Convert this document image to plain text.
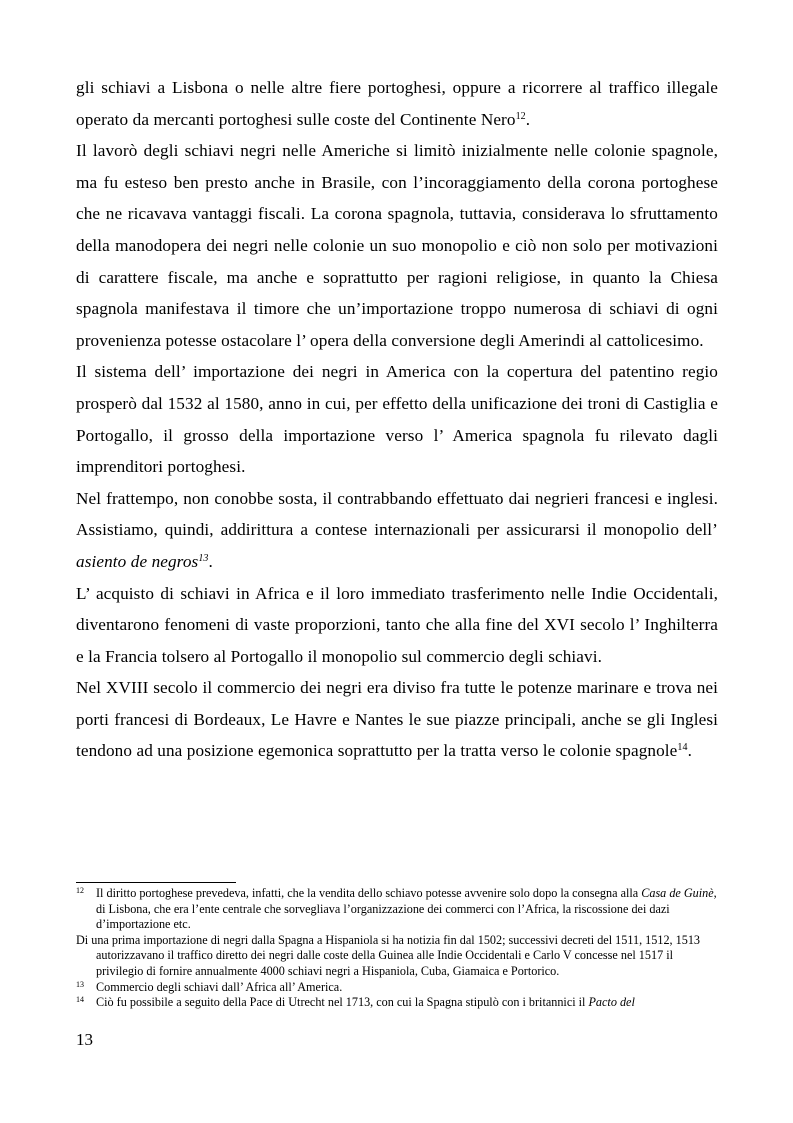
gli schiavi a Lisbona o nelle altre fiere portoghesi, oppure a ricorrere al traffico illegale operato da mercanti portoghesi sulle coste del Continente Nero$^{12}$.

Il lavorò degli schiavi negri nelle Americhe si limitò inizialmente nelle colonie spagnole, ma fu esteso ben presto anche in Brasile, con l’incoraggiamento della corona portoghese che ne ricavava vantaggi fiscali. La corona spagnola, tuttavia, considerava lo sfruttamento della manodopera dei negri nelle colonie un suo monopolio e ciò non solo per motivazioni di carattere fiscale, ma anche e soprattutto per ragioni religiose, in quanto la Chiesa spagnola manifestava il timore che un’importazione troppo numerosa di schiavi di ogni provenienza potesse ostacolare l’ opera della conversione degli Amerindi al cattolicesimo.

Il sistema dell’ importazione dei negri in America con la copertura del patentino regio prosperò dal 1532 al 1580, anno in cui, per effetto della unificazione dei troni di Castiglia e Portogallo, il grosso della importazione verso l’ America spagnola fu rilevato dagli imprenditori portoghesi.

Nel frattempo, non conobbe sosta, il contrabbando effettuato dai negrieri francesi e inglesi. Assistiamo, quindi, addirittura a contese internazionali per assicurarsi il monopolio dell’ asiento de negros$^{13}$.

L’ acquisto di schiavi in Africa e il loro immediato trasferimento nelle Indie Occidentali, diventarono fenomeni di vaste proporzioni, tanto che alla fine del XVI secolo l’ Inghilterra e la Francia tolsero al Portogallo il monopolio sul commercio degli schiavi.

Nel XVIII secolo il commercio dei negri era diviso fra tutte le potenze marinare e trova nei porti francesi di Bordeaux, Le Havre e Nantes le sue piazze principali, anche se gli Inglesi tendono ad una posizione egemonica soprattutto per la tratta verso le colonie spagnole$^{14}$.

12 Il diritto portoghese prevedeva, infatti, che la vendita dello schiavo potesse avvenire solo dopo la consegna alla Casa de Guinè, di Lisbona, che era l’ente centrale che sorvegliava l’organizzazione dei commerci con l’Africa, la riscossione dei dazi d’importazione etc.

Di una prima importazione di negri dalla Spagna a Hispaniola si ha notizia fin dal 1502; successivi decreti del 1511, 1512, 1513 autorizzavano il traffico diretto dei negri dalle coste della Guinea alle Indie Occidentali e Carlo V concesse nel 1517 il privilegio di fornire annualmente 4000 schiavi negri a Hispaniola, Cuba, Giamaica e Portorico.

13 Commercio degli schiavi dall’ Africa all’ America.

14 Ciò fu possibile a seguito della Pace di Utrecht nel 1713, con cui la Spagna stipulò con i britannici il Pacto del

13
